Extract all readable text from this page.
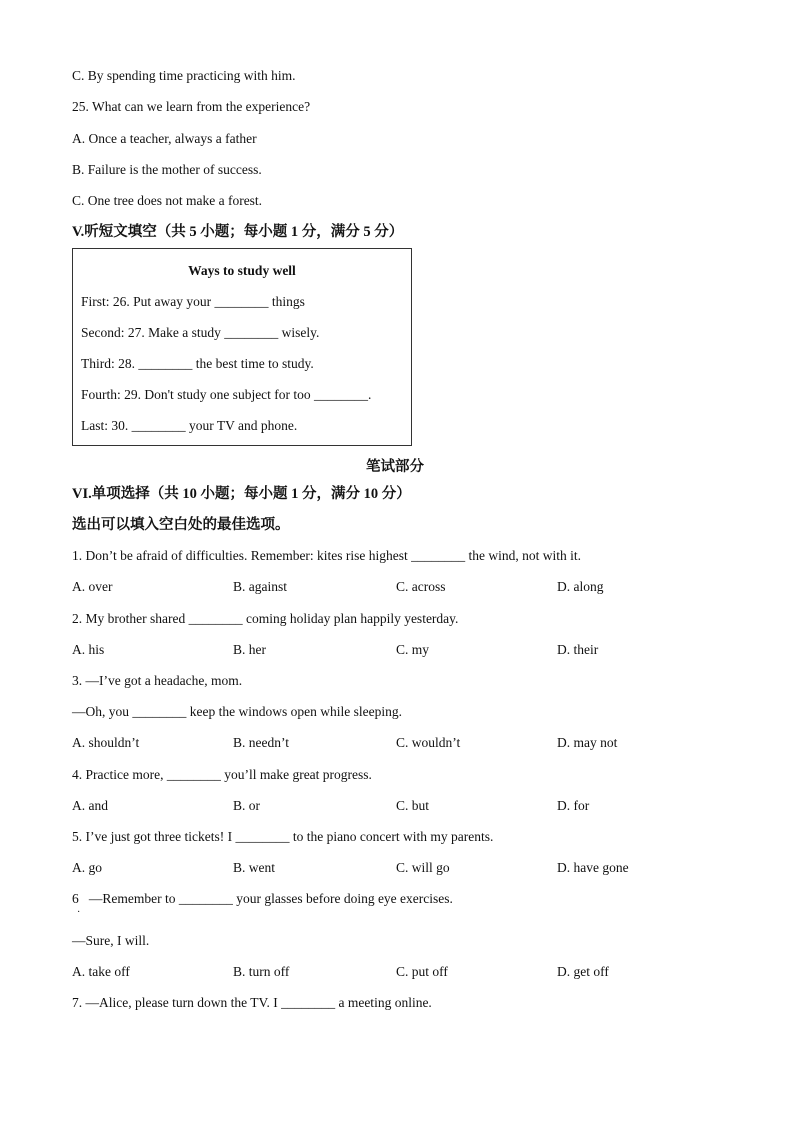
C. By spending time practicing with him.
25. What can we learn from the experience?
A. Once a teacher, always a father
B. Failure is the mother of success.
C. One tree does not make a forest.
V.听短文填空（共 5 小题；每小题 1 分，满分 5 分）
Ways to study well
First: 26. Put away your ________ things
Second: 27. Make a study ________ wisely.
Third: 28. ________ the best time to study.
Fourth: 29. Don't study one subject for too ________.
Last: 30. ________ your TV and phone.
笔试部分
VI.单项选择（共 10 小题；每小题 1 分，满分 10 分）
选出可以填入空白处的最佳选项。
1. Don’t be afraid of difficulties. Remember: kites rise highest ________ the wind, not with it.
A. over	B. against	C. across	D. along
2. My brother shared ________ coming holiday plan happily yesterday.
A. his	B. her	C. my	D. their
3. —I’ve got a headache, mom.
—Oh, you ________ keep the windows open while sleeping.
A. shouldn’t	B. needn’t	C. wouldn’t	D. may not
4. Practice more, ________ you’ll make great progress.
A. and	B. or	C. but	D. for
5. I’ve just got three tickets! I ________ to the piano concert with my parents.
A. go	B. went	C. will go	D. have gone
6   —Remember to ________ your glasses before doing eye exercises.
·
—Sure, I will.
A. take off	B. turn off	C. put off	D. get off
7. —Alice, please turn down the TV. I ________ a meeting online.
